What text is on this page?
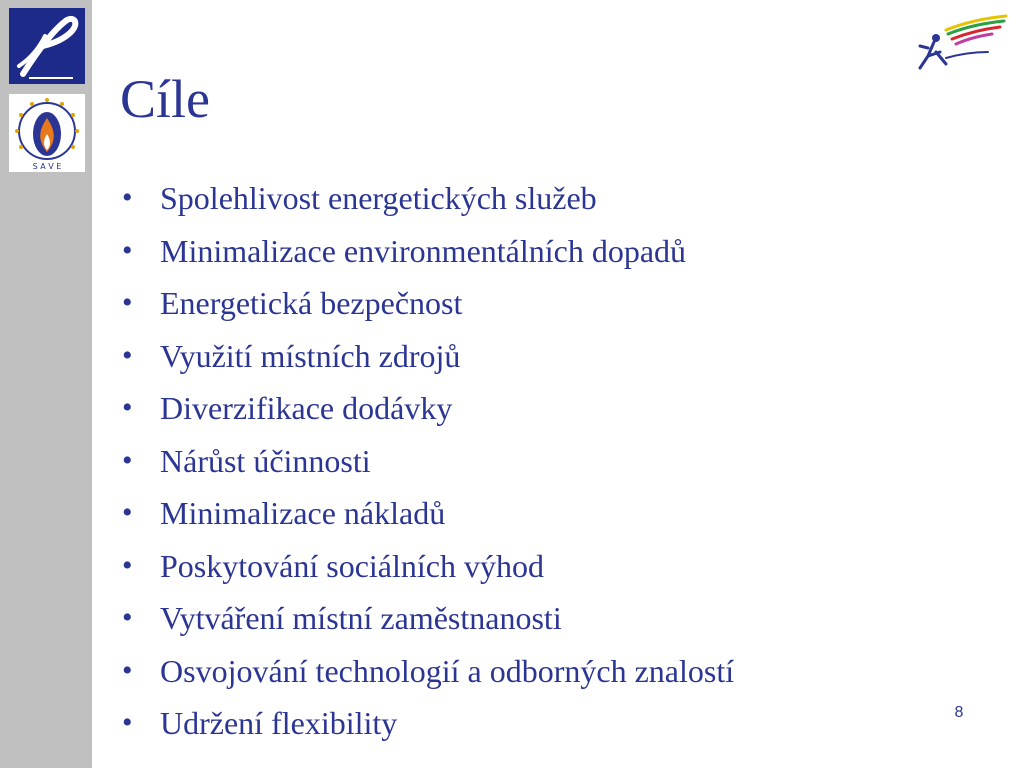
S A V E
Cíle
• Spolehlivost energetických služeb
• Minimalizace environmentálních dopadů
• Energetická bezpečnost
• Využití místních zdrojů
• Diverzifikace dodávky
• Nárůst účinnosti
• Minimalizace nákladů
• Poskytování sociálních výhod
• Vytváření místní zaměstnanosti
• Osvojování technologií a odborných znalostí
• Udržení flexibility	8
